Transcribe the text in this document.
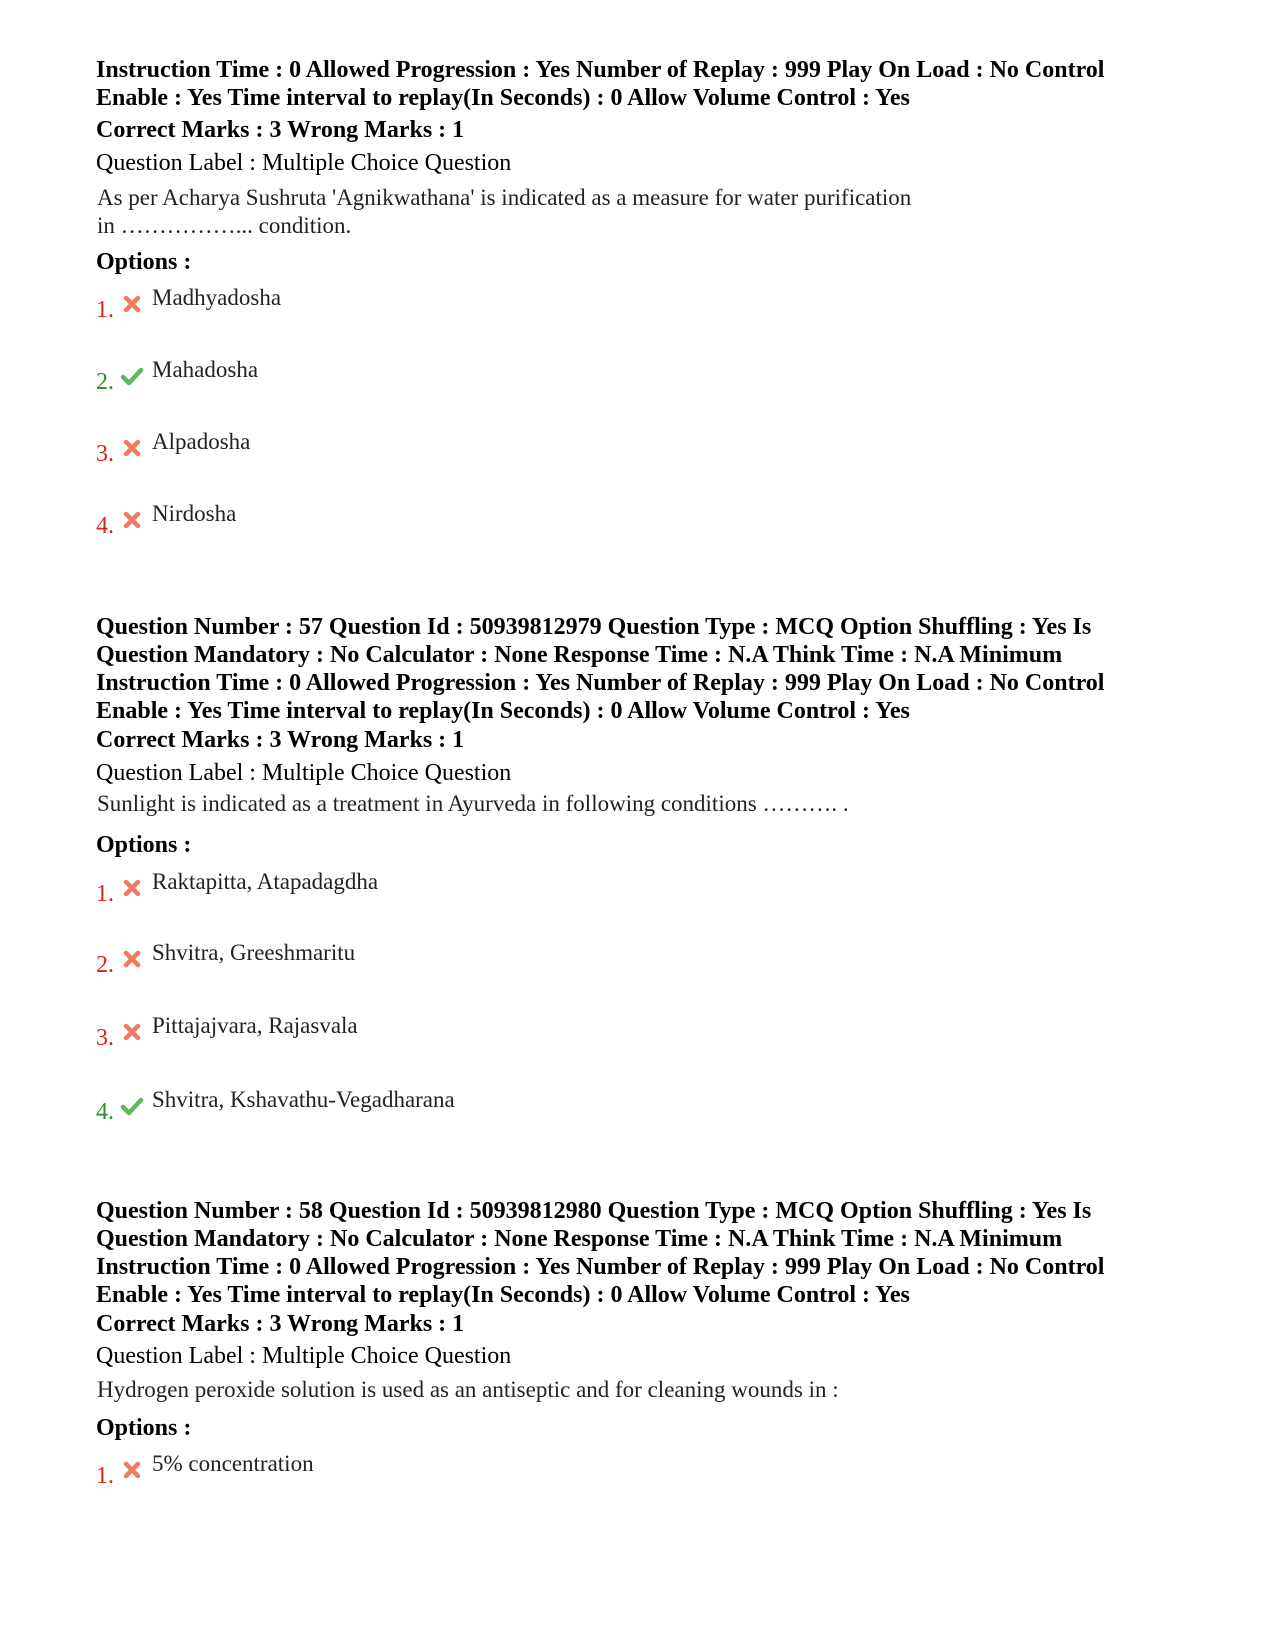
Instruction Time : 0 Allowed Progression : Yes Number of Replay : 999 Play On Load : No Control
Enable : Yes Time interval to replay(In Seconds) : 0 Allow Volume Control : Yes
Correct Marks : 3 Wrong Marks : 1
Question Label : Multiple Choice Question
As per Acharya Sushruta 'Agnikwathana' is indicated as a measure for water purification
in ……………... condition.
Options :
1. Madhyadosha
2. Mahadosha
3. Alpadosha
4. Nirdosha
Question Number : 57 Question Id : 50939812979 Question Type : MCQ Option Shuffling : Yes Is
Question Mandatory : No Calculator : None Response Time : N.A Think Time : N.A Minimum
Instruction Time : 0 Allowed Progression : Yes Number of Replay : 999 Play On Load : No Control
Enable : Yes Time interval to replay(In Seconds) : 0 Allow Volume Control : Yes
Correct Marks : 3 Wrong Marks : 1
Question Label : Multiple Choice Question
Sunlight is indicated as a treatment in Ayurveda in following conditions ………. .
Options :
1. Raktapitta, Atapadagdha
2. Shvitra, Greeshmaritu
3. Pittajajvara, Rajasvala
4. Shvitra, Kshavathu-Vegadharana
Question Number : 58 Question Id : 50939812980 Question Type : MCQ Option Shuffling : Yes Is
Question Mandatory : No Calculator : None Response Time : N.A Think Time : N.A Minimum
Instruction Time : 0 Allowed Progression : Yes Number of Replay : 999 Play On Load : No Control
Enable : Yes Time interval to replay(In Seconds) : 0 Allow Volume Control : Yes
Correct Marks : 3 Wrong Marks : 1
Question Label : Multiple Choice Question
Hydrogen peroxide solution is used as an antiseptic and for cleaning wounds in :
Options :
1. 5% concentration
